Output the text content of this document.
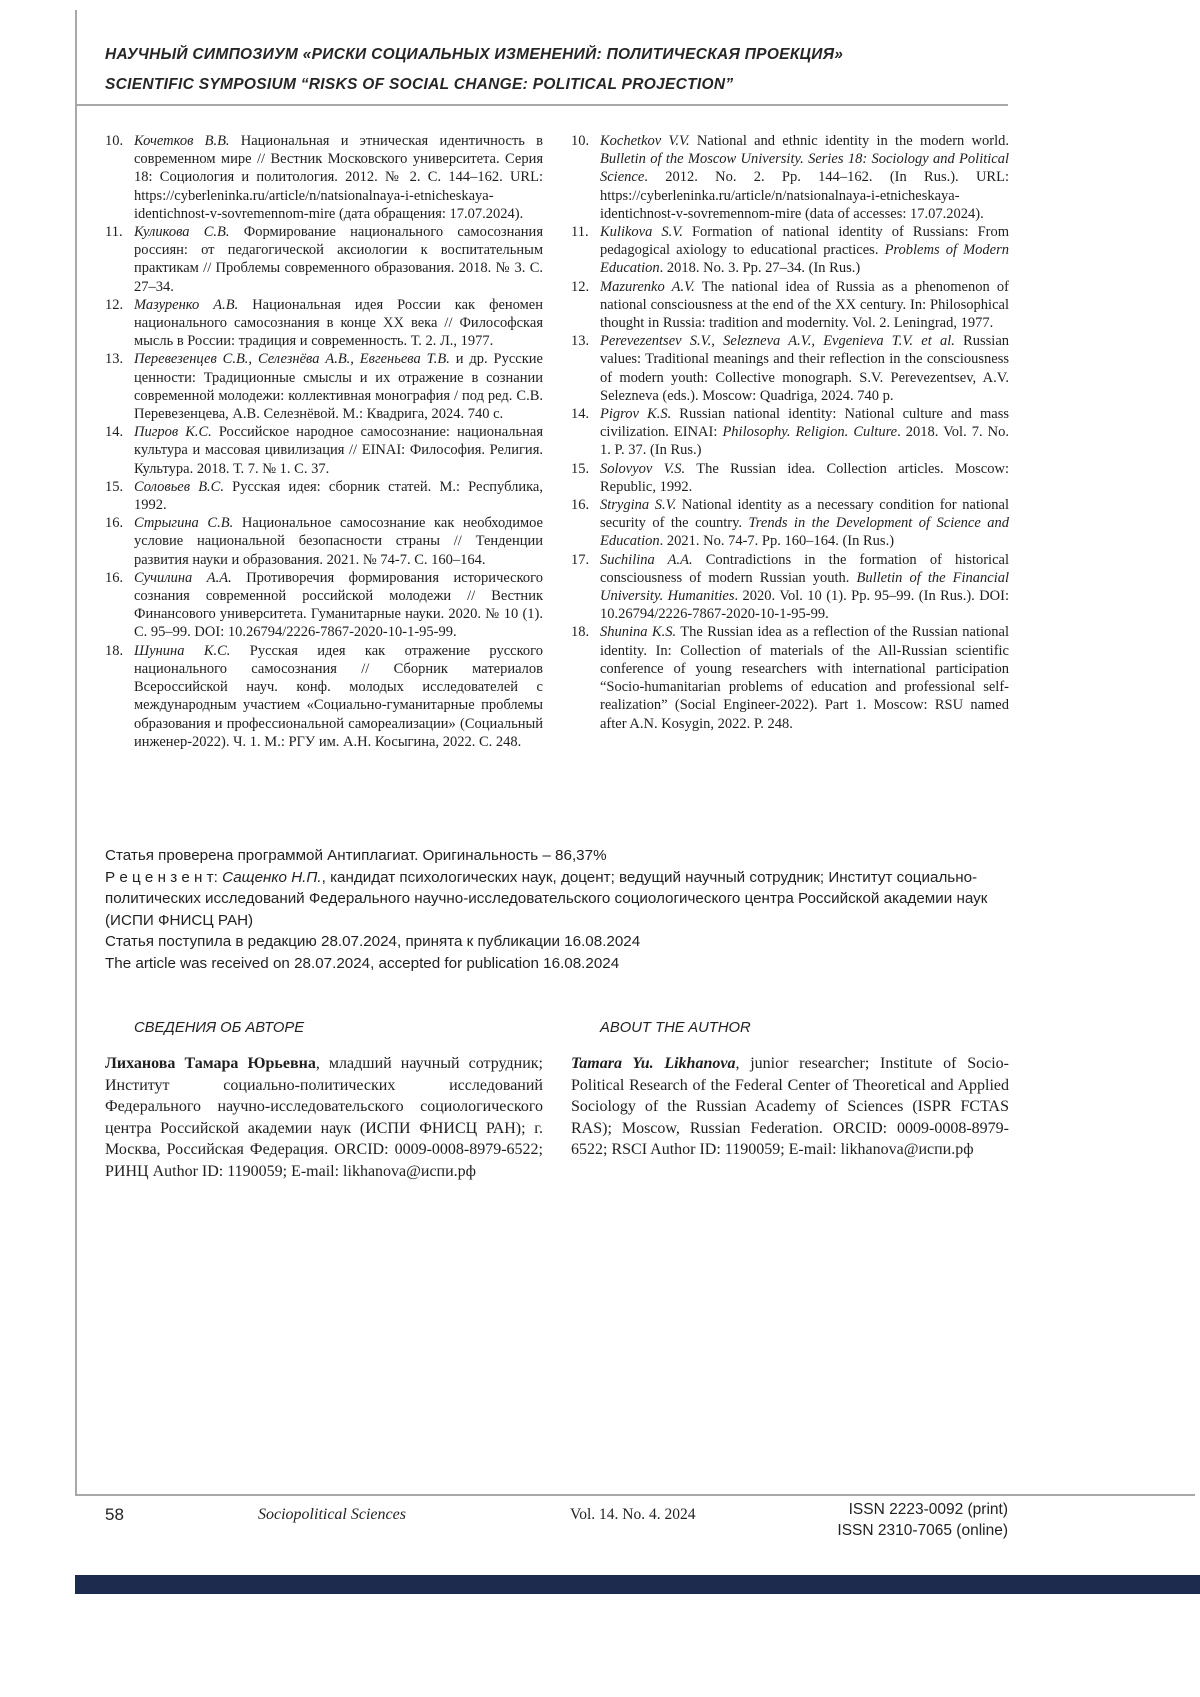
НАУЧНЫЙ СИМПОЗИУМ «РИСКИ СОЦИАЛЬНЫХ ИЗМЕНЕНИЙ: ПОЛИТИЧЕСКАЯ ПРОЕКЦИЯ»
SCIENTIFIC SYMPOSIUM “RISKS OF SOCIAL CHANGE: POLITICAL PROJECTION”
10. Кочетков В.В. Национальная и этническая идентичность в современном мире // Вестник Московского университета. Серия 18: Социология и политология. 2012. № 2. С. 144–162. URL: https://cyberleninka.ru/article/n/natsionalnaya-i-etnicheskaya-identichnost-v-sovremennom-mire (дата обращения: 17.07.2024).
11. Куликова С.В. Формирование национального самосознания россиян: от педагогической аксиологии к воспитательным практикам // Проблемы современного образования. 2018. № 3. С. 27–34.
12. Мазуренко А.В. Национальная идея России как феномен национального самосознания в конце XX века // Философская мысль в России: традиция и современность. Т. 2. Л., 1977.
13. Перевезенцев С.В., Селезнёва А.В., Евгеньева Т.В. и др. Русские ценности: Традиционные смыслы и их отражение в сознании современной молодежи: коллективная монография / под ред. С.В. Перевезенцева, А.В. Селезнёвой. М.: Квадрига, 2024. 740 с.
14. Пигров К.С. Российское народное самосознание: национальная культура и массовая цивилизация // EINAI: Философия. Религия. Культура. 2018. Т. 7. № 1. С. 37.
15. Соловьев В.С. Русская идея: сборник статей. М.: Республика, 1992.
16. Стрыгина С.В. Национальное самосознание как необходимое условие национальной безопасности страны // Тенденции развития науки и образования. 2021. № 74-7. С. 160–164.
16. Сучилина А.А. Противоречия формирования исторического сознания современной российской молодежи // Вестник Финансового университета. Гуманитарные науки. 2020. № 10 (1). С. 95–99. DOI: 10.26794/2226-7867-2020-10-1-95-99.
18. Шунина К.С. Русская идея как отражение русского национального самосознания // Сборник материалов Всероссийской науч. конф. молодых исследователей с международным участием «Социально-гуманитарные проблемы образования и профессиональной самореализации» (Социальный инженер-2022). Ч. 1. М.: РГУ им. А.Н. Косыгина, 2022. С. 248.
10. Kochetkov V.V. National and ethnic identity in the modern world. Bulletin of the Moscow University. Series 18: Sociology and Political Science. 2012. No. 2. Pp. 144–162. (In Rus.). URL: https://cyberleninka.ru/article/n/natsionalnaya-i-etnicheskaya-identichnost-v-sovremennom-mire (data of accesses: 17.07.2024).
11. Kulikova S.V. Formation of national identity of Russians: From pedagogical axiology to educational practices. Problems of Modern Education. 2018. No. 3. Pp. 27–34. (In Rus.)
12. Mazurenko A.V. The national idea of Russia as a phenomenon of national consciousness at the end of the XX century. In: Philosophical thought in Russia: tradition and modernity. Vol. 2. Leningrad, 1977.
13. Perevezentsev S.V., Selezneva A.V., Evgenieva T.V. et al. Russian values: Traditional meanings and their reflection in the consciousness of modern youth: Collective monograph. S.V. Perevezentsev, A.V. Selezneva (eds.). Moscow: Quadriga, 2024. 740 p.
14. Pigrov K.S. Russian national identity: National culture and mass civilization. EINAI: Philosophy. Religion. Culture. 2018. Vol. 7. No. 1. P. 37. (In Rus.)
15. Solovyov V.S. The Russian idea. Collection articles. Moscow: Republic, 1992.
16. Strygina S.V. National identity as a necessary condition for national security of the country. Trends in the Development of Science and Education. 2021. No. 74-7. Pp. 160–164. (In Rus.)
17. Suchilina A.A. Contradictions in the formation of historical consciousness of modern Russian youth. Bulletin of the Financial University. Humanities. 2020. Vol. 10 (1). Pp. 95–99. (In Rus.). DOI: 10.26794/2226-7867-2020-10-1-95-99.
18. Shunina K.S. The Russian idea as a reflection of the Russian national identity. In: Collection of materials of the All-Russian scientific conference of young researchers with international participation “Socio-humanitarian problems of education and professional self-realization” (Social Engineer-2022). Part 1. Moscow: RSU named after A.N. Kosygin, 2022. P. 248.

Статья проверена программой Антиплагиат. Оригинальность – 86,37%

Р е ц е н з е н т: Сащенко Н.П., кандидат психологических наук, доцент; ведущий научный сотрудник; Институт социально-политических исследований Федерального научно-исследовательского социологического центра Российской академии наук (ИСПИ ФНИСЦ РАН)

Статья поступила в редакцию 28.07.2024, принята к публикации 16.08.2024

The article was received on 28.07.2024, accepted for publication 16.08.2024

СВЕДЕНИЯ ОБ АВТОРЕ

Лиханова Тамара Юрьевна, младший научный сотрудник; Институт социально-политических исследований Федерального научно-исследовательского социологического центра Российской академии наук (ИСПИ ФНИСЦ РАН); г. Москва, Российская Федерация. ORCID: 0009-0008-8979-6522; РИНЦ Author ID: 1190059; E-mail: likhanova@испи.рф

ABOUT THE AUTHOR

Tamara Yu. Likhanova, junior researcher; Institute of Socio-Political Research of the Federal Center of Theoretical and Applied Sociology of the Russian Academy of Sciences (ISPR FCTAS RAS); Moscow, Russian Federation. ORCID: 0009-0008-8979-6522; RSCI Author ID: 1190059; E-mail: likhanova@испи.рф

58	Sociopolitical Sciences	Vol. 14. No. 4. 2024	ISSN 2223-0092 (print)
ISSN 2310-7065 (online)
